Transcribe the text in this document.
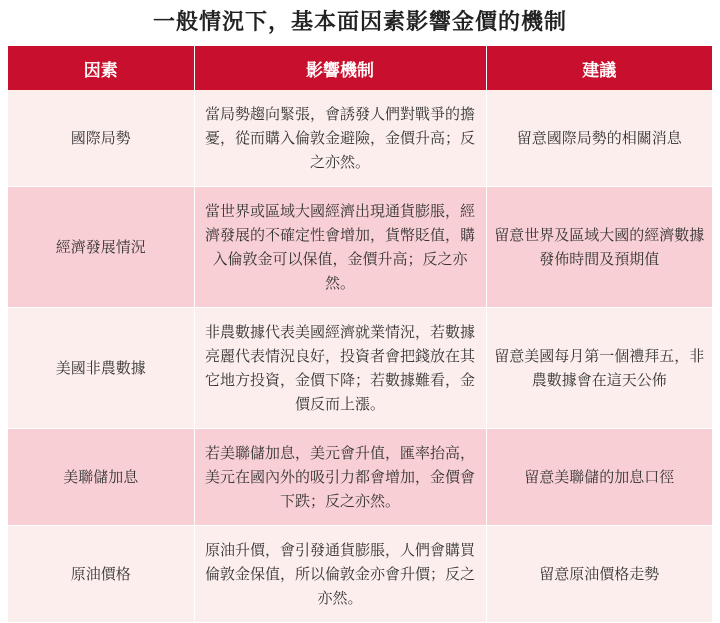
一般情況下，基本面因素影響金價的機制
因素	影響機制	建議
國際局勢	當局勢趨向緊張，會誘發人們對戰爭的擔憂，從而購入倫敦金避險，金價升高；反之亦然。	留意國際局勢的相關消息
經濟發展情況	當世界或區域大國經濟出現通貨膨脹，經濟發展的不確定性會增加，貨幣貶值，購入倫敦金可以保值，金價升高；反之亦然。	留意世界及區域大國的經濟數據發佈時間及預期值
美國非農數據	非農數據代表美國經濟就業情況，若數據亮麗代表情況良好，投資者會把錢放在其它地方投資，金價下降；若數據難看，金價反而上漲。	留意美國每月第一個禮拜五，非農數據會在這天公佈
美聯儲加息	若美聯儲加息，美元會升值，匯率抬高，美元在國內外的吸引力都會增加，金價會下跌；反之亦然。	留意美聯儲的加息口徑
原油價格	原油升價，會引發通貨膨脹，人們會購買倫敦金保值，所以倫敦金亦會升價；反之亦然。	留意原油價格走勢
